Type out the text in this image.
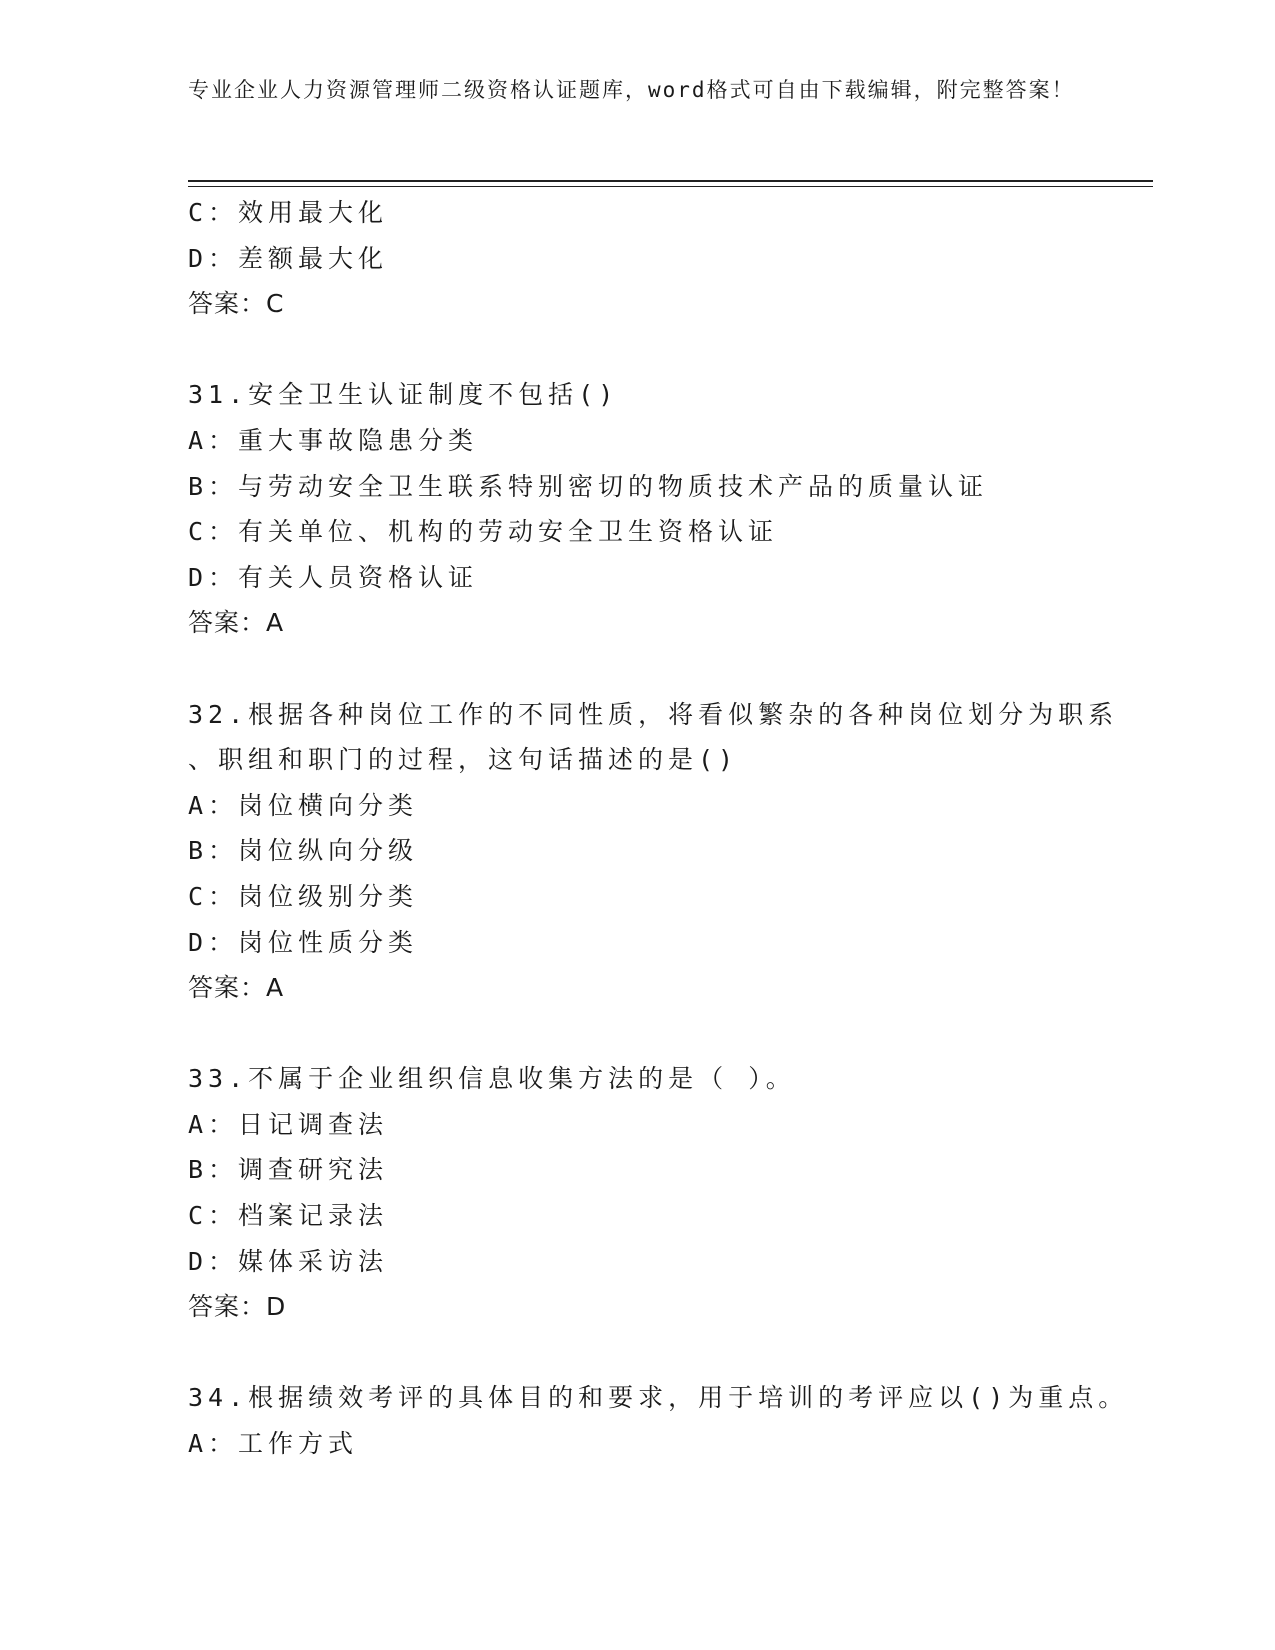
专业企业人力资源管理师二级资格认证题库，word格式可自由下载编辑，附完整答案！
C：效用最大化
D：差额最大化
答案：C
31.安全卫生认证制度不包括()
A：重大事故隐患分类
B：与劳动安全卫生联系特别密切的物质技术产品的质量认证
C：有关单位、机构的劳动安全卫生资格认证
D：有关人员资格认证
答案：A
32.根据各种岗位工作的不同性质，将看似繁杂的各种岗位划分为职系
、职组和职门的过程，这句话描述的是()
A：岗位横向分类
B：岗位纵向分级
C：岗位级别分类
D：岗位性质分类
答案：A
33.不属于企业组织信息收集方法的是（ ）。
A：日记调查法
B：调查研究法
C：档案记录法
D：媒体采访法
答案：D
34.根据绩效考评的具体目的和要求，用于培训的考评应以()为重点。
A：工作方式
